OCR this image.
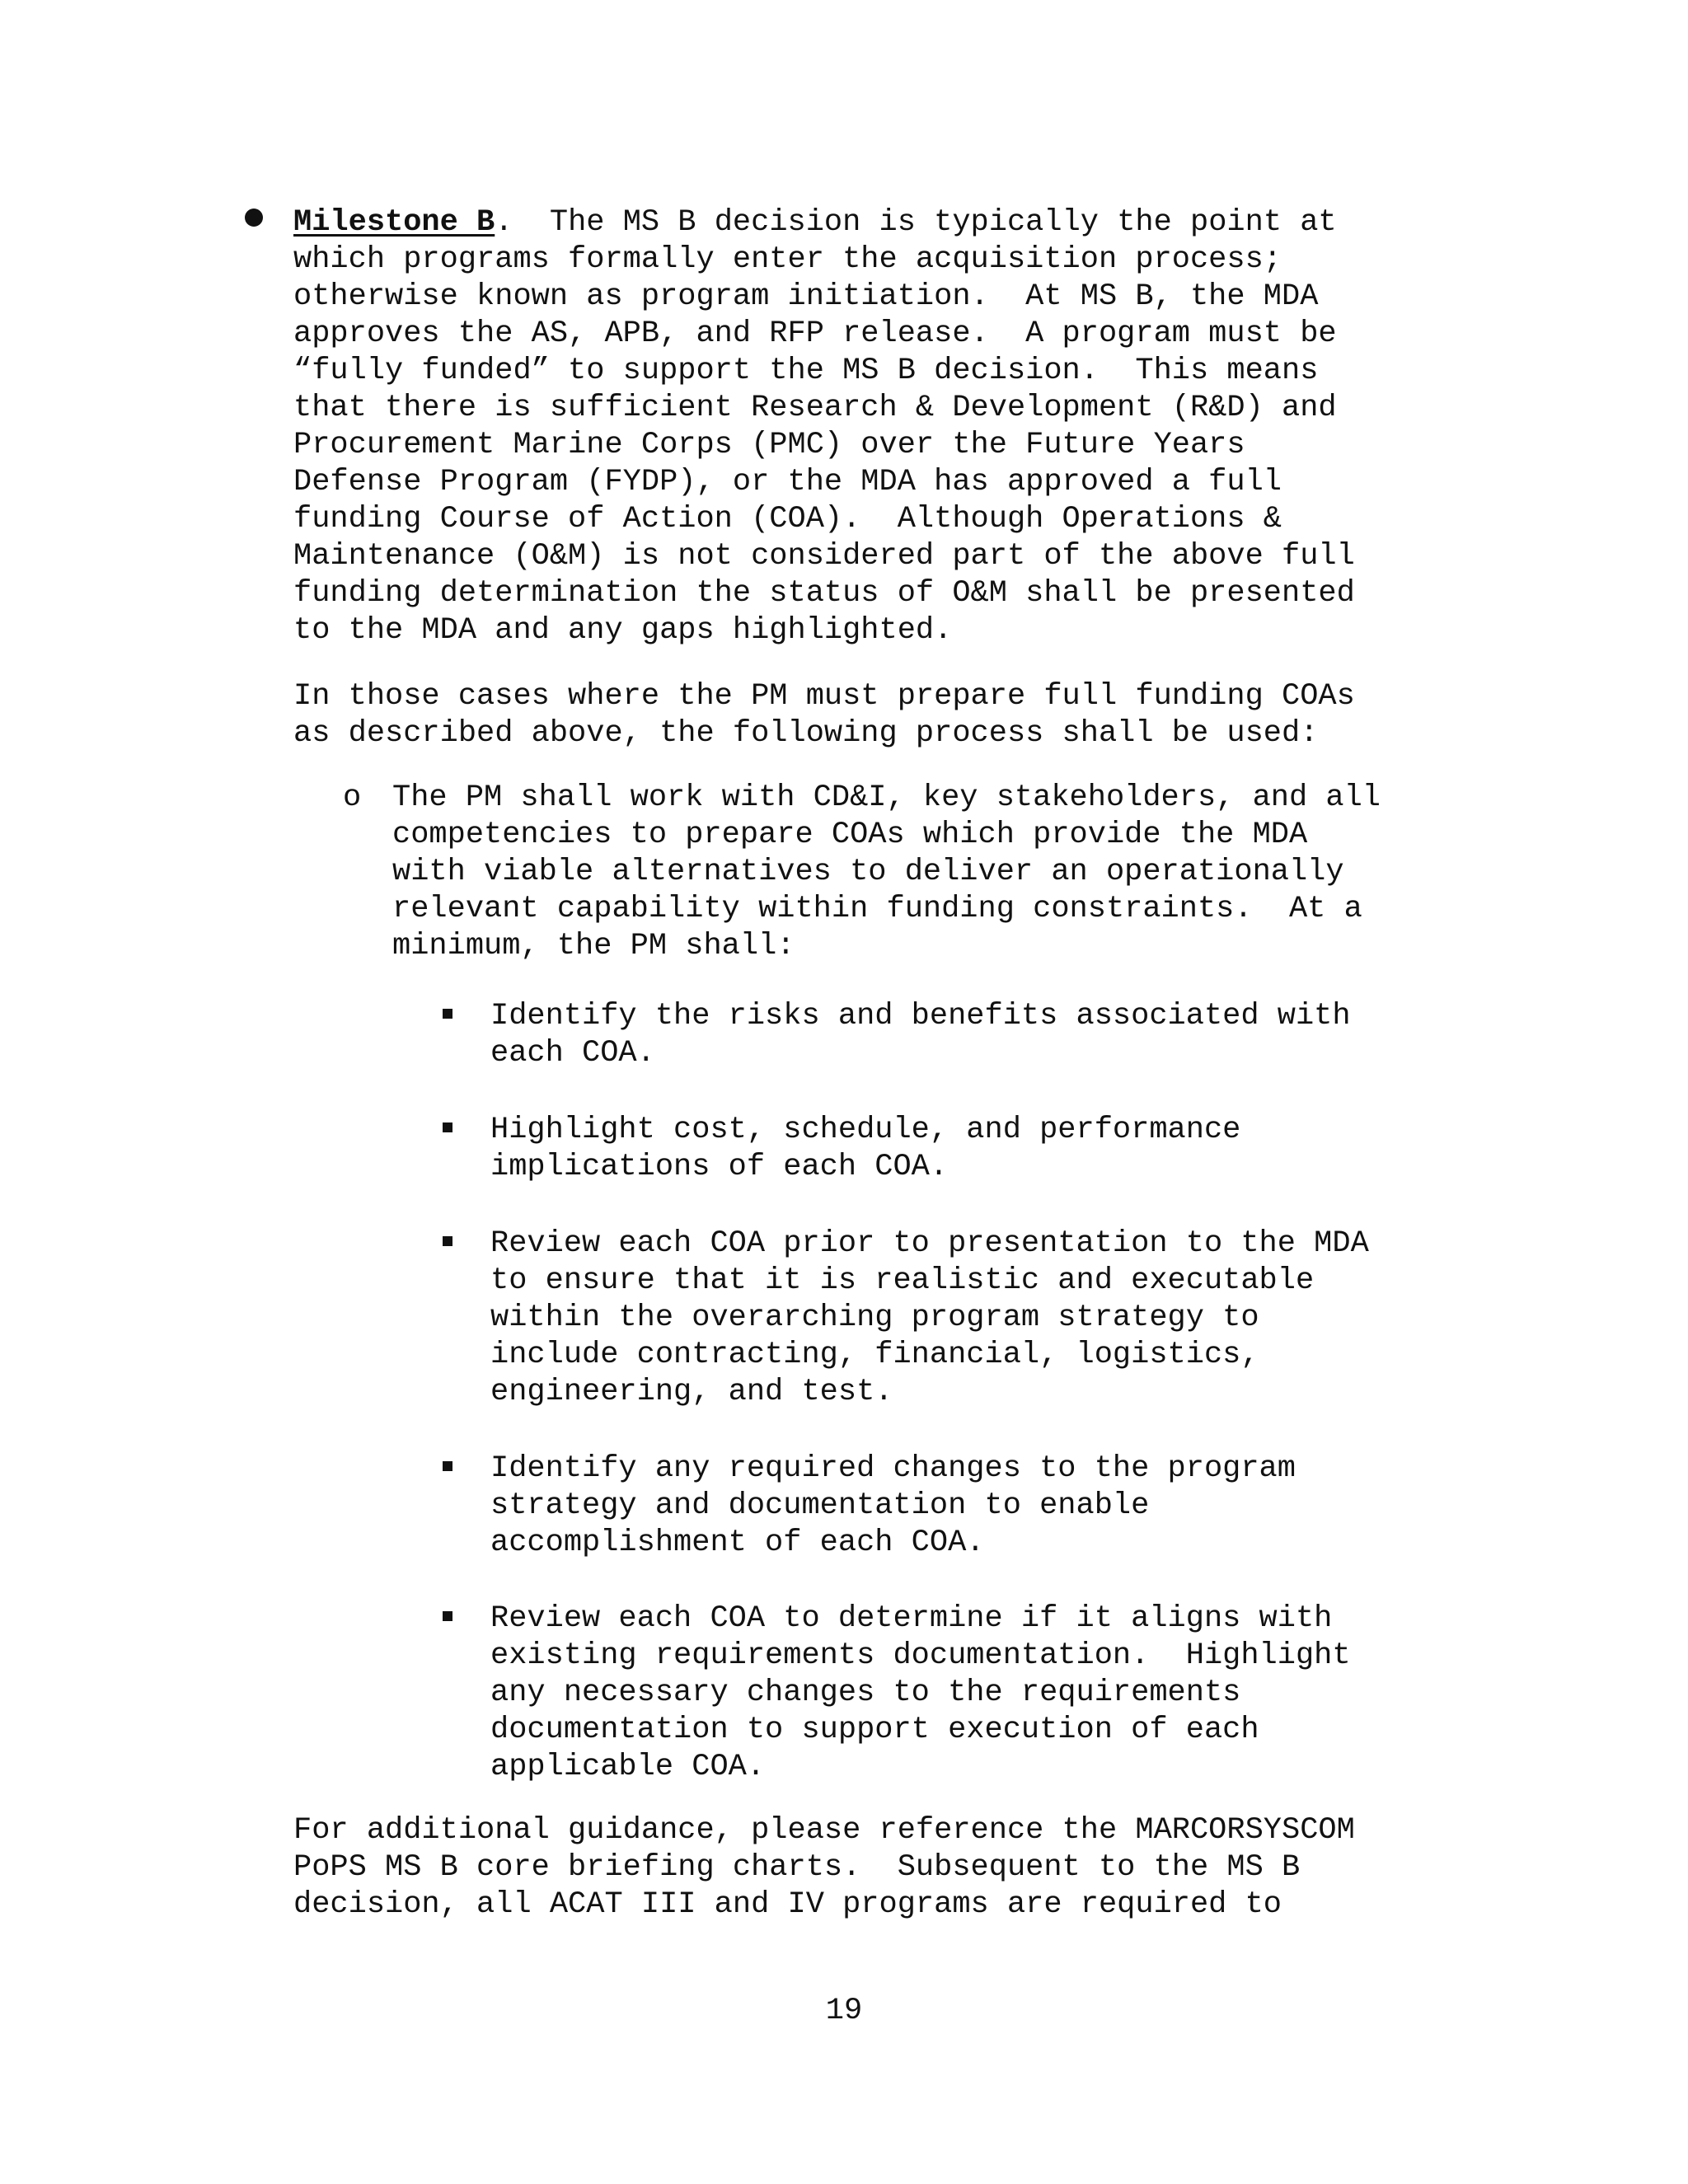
Milestone B.  The MS B decision is typically the point at
which programs formally enter the acquisition process;
otherwise known as program initiation.  At MS B, the MDA
approves the AS, APB, and RFP release.  A program must be
“fully funded” to support the MS B decision.  This means
that there is sufficient Research & Development (R&D) and
Procurement Marine Corps (PMC) over the Future Years
Defense Program (FYDP), or the MDA has approved a full
funding Course of Action (COA).  Although Operations &
Maintenance (O&M) is not considered part of the above full
funding determination the status of O&M shall be presented
to the MDA and any gaps highlighted.
In those cases where the PM must prepare full funding COAs
as described above, the following process shall be used:
o The PM shall work with CD&I, key stakeholders, and all
competencies to prepare COAs which provide the MDA
with viable alternatives to deliver an operationally
relevant capability within funding constraints.  At a
minimum, the PM shall:
Identify the risks and benefits associated with
each COA.
Highlight cost, schedule, and performance
implications of each COA.
Review each COA prior to presentation to the MDA
to ensure that it is realistic and executable
within the overarching program strategy to
include contracting, financial, logistics,
engineering, and test.
Identify any required changes to the program
strategy and documentation to enable
accomplishment of each COA.
Review each COA to determine if it aligns with
existing requirements documentation.  Highlight
any necessary changes to the requirements
documentation to support execution of each
applicable COA.
For additional guidance, please reference the MARCORSYSCOM
PoPS MS B core briefing charts.  Subsequent to the MS B
decision, all ACAT III and IV programs are required to
19
